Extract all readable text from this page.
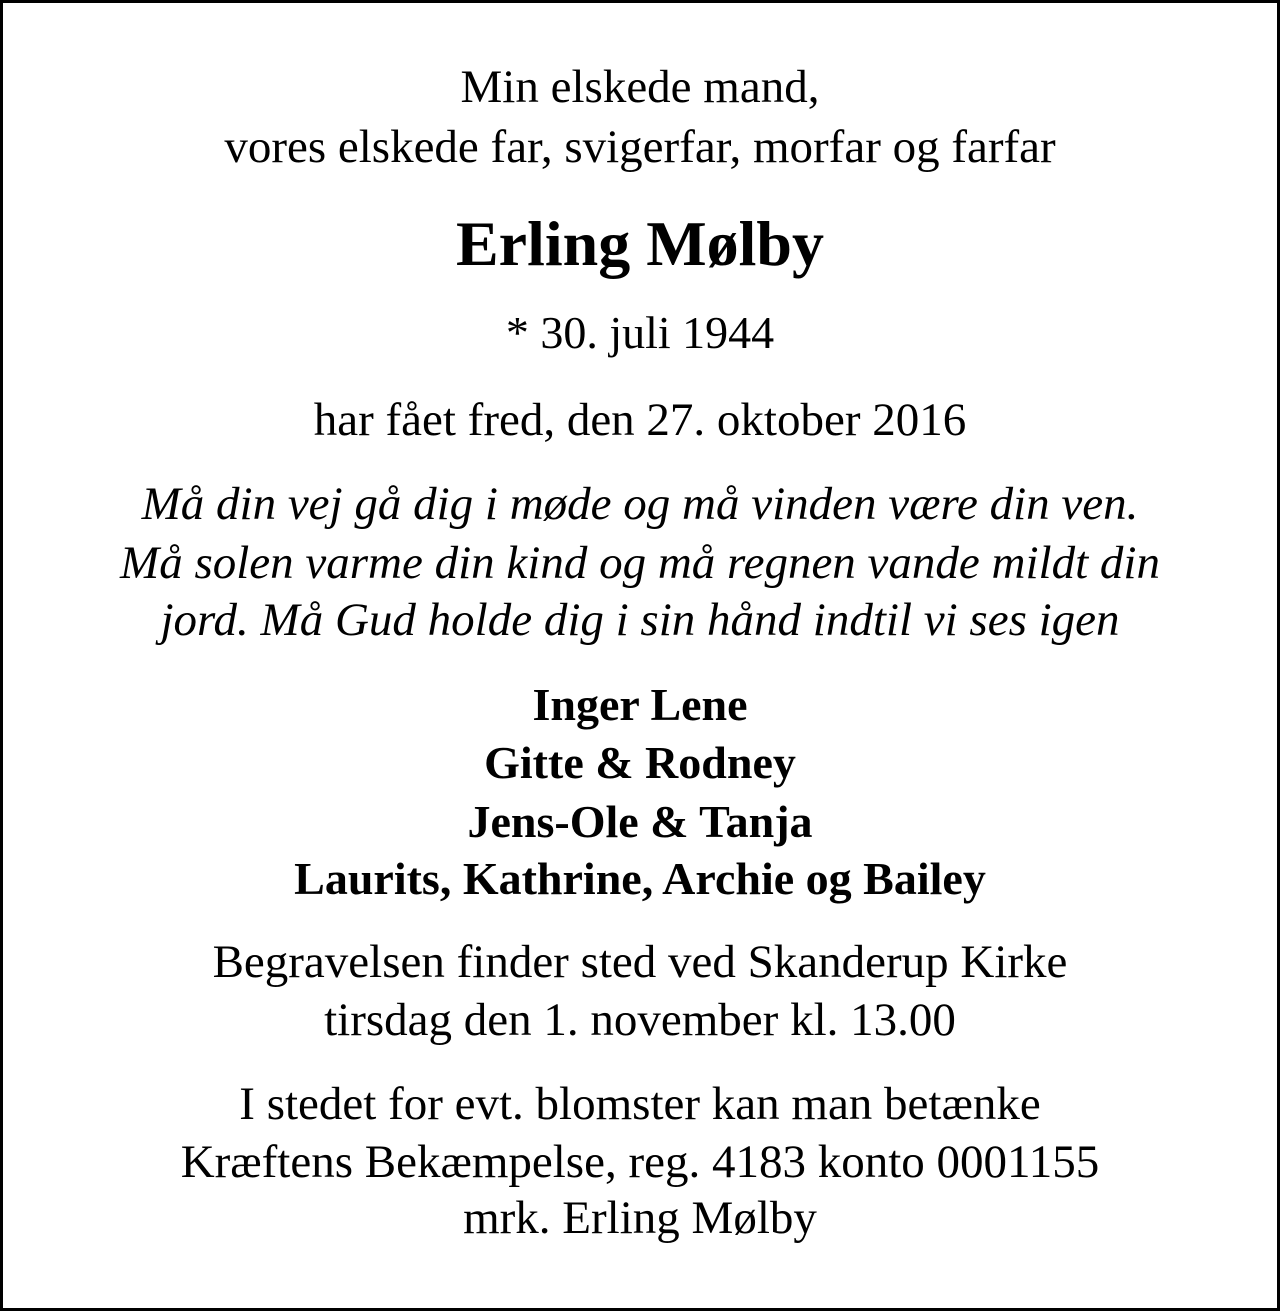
Min elskede mand,

vores elskede far, svigerfar, morfar og farfar

Erling Mølby

* 30. juli 1944

har fået fred, den 27. oktober 2016

Må din vej gå dig i møde og må vinden være din ven.

Må solen varme din kind og må regnen vande mildt din

jord. Må Gud holde dig i sin hånd indtil vi ses igen

Inger Lene

Gitte & Rodney

Jens-Ole & Tanja

Laurits, Kathrine, Archie og Bailey

Begravelsen finder sted ved Skanderup Kirke

tirsdag den 1. november kl. 13.00

I stedet for evt. blomster kan man betænke

Kræftens Bekæmpelse, reg. 4183 konto 0001155

mrk. Erling Mølby
